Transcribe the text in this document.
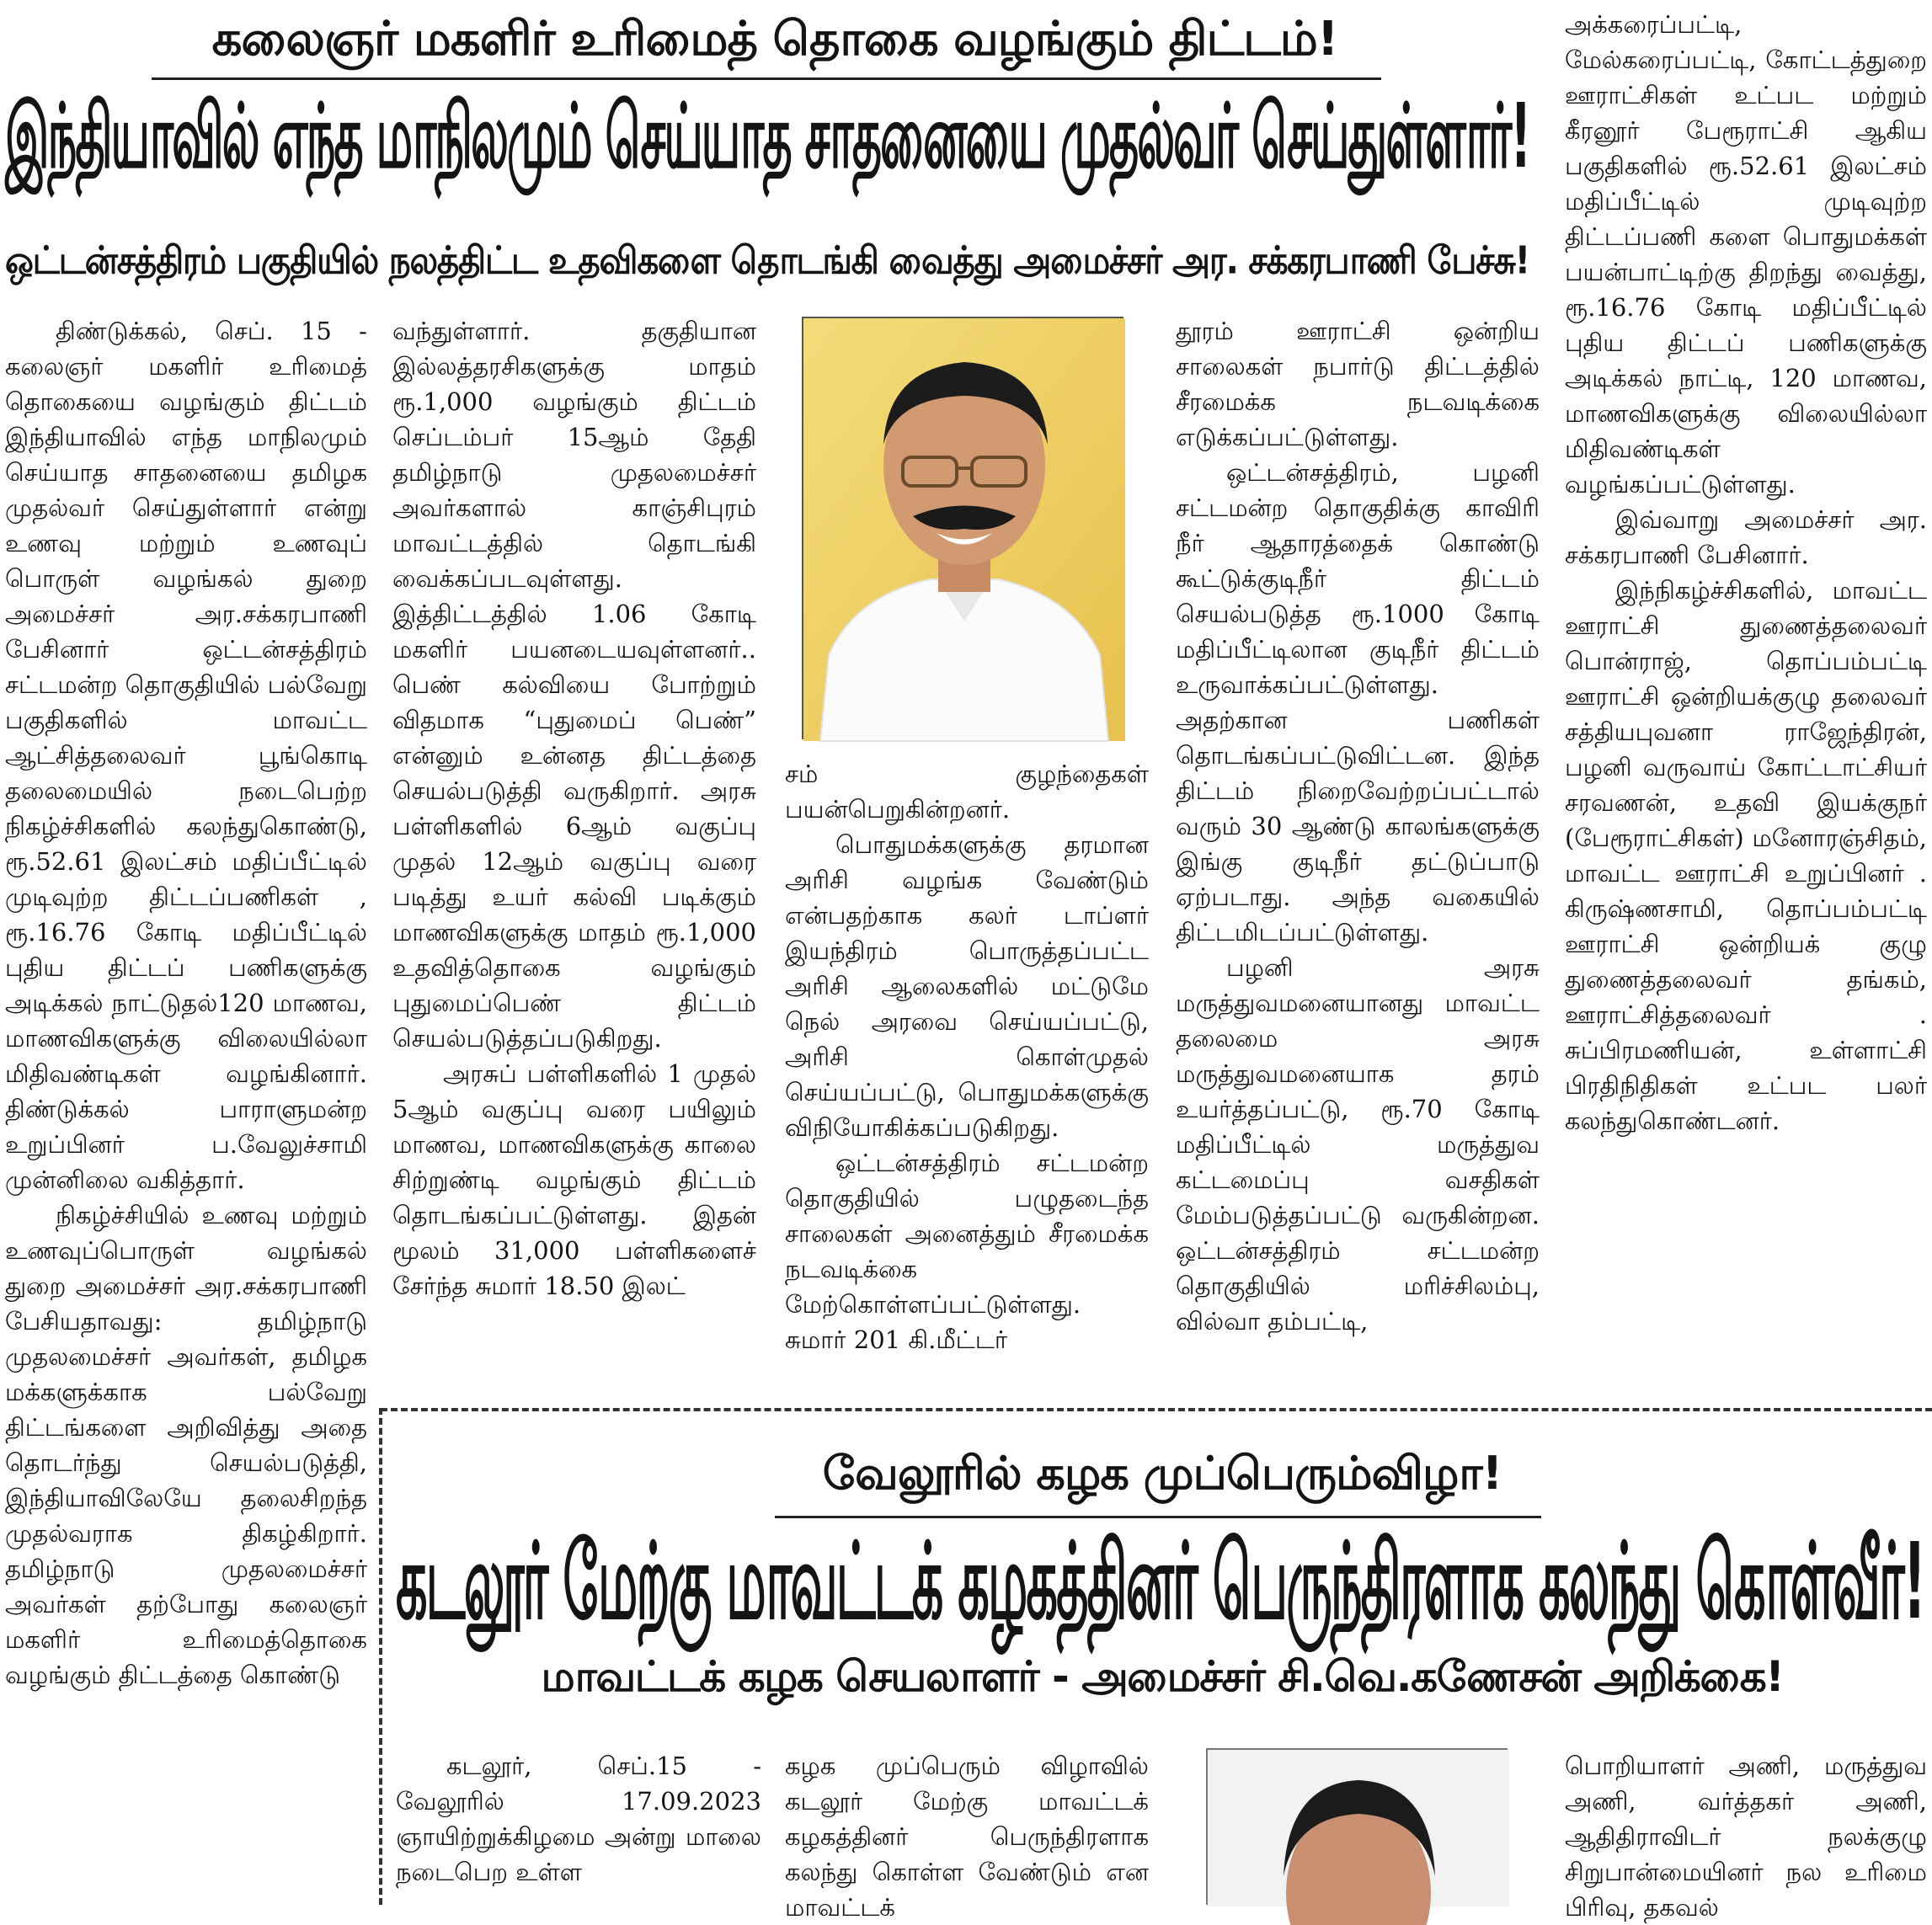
கலைஞர் மகளிர் உரிமைத் தொகை வழங்கும் திட்டம்!
இந்தியாவில் எந்த மாநிலமும் செய்யாத சாதனையை முதல்வர் செய்துள்ளார்!
ஒட்டன்சத்திரம் பகுதியில் நலத்திட்ட உதவிகளை தொடங்கி வைத்து அமைச்சர் அர. சக்கரபாணி பேச்சு!

திண்டுக்கல், செப். 15 - கலைஞர் மகளிர் உரிமைத் தொகையை வழங்கும் திட்டம் இந்தியாவில் எந்த மாநிலமும் செய்யாத சாதனையை தமிழக முதல்வர் செய்துள்ளார் என்று உணவு மற்றும் உணவுப் பொருள் வழங்கல் துறை அமைச்சர் அர.சக்கரபாணி பேசினார் ஒட்டன்சத்திரம் சட்டமன்ற தொகுதியில் பல்வேறு பகுதிகளில் மாவட்ட ஆட்சித்தலைவர் பூங்கொடி தலைமையில் நடைபெற்ற நிகழ்ச்சிகளில் கலந்துகொண்டு, ரூ.52.61 இலட்சம் மதிப்பீட்டில் முடிவுற்ற திட்டப்பணிகள் , ரூ.16.76 கோடி மதிப்பீட்டில் புதிய திட்டப் பணிகளுக்கு அடிக்கல் நாட்டுதல்120 மாணவ, மாணவிகளுக்கு விலையில்லா மிதிவண்டிகள் வழங்கினார். திண்டுக்கல் பாராளுமன்ற உறுப்பினர் ப.வேலுச்சாமி முன்னிலை வகித்தார்.

நிகழ்ச்சியில் உணவு மற்றும் உணவுப்பொருள் வழங்கல் துறை அமைச்சர் அர.சக்கரபாணி பேசியதாவது: தமிழ்நாடு முதலமைச்சர் அவர்கள், தமிழக மக்களுக்காக பல்வேறு திட்டங்களை அறிவித்து அதை தொடர்ந்து செயல்படுத்தி, இந்தியாவிலேயே தலைசிறந்த முதல்வராக திகழ்கிறார். தமிழ்நாடு முதலமைச்சர் அவர்கள் தற்போது கலைஞர் மகளிர் உரிமைத்தொகை வழங்கும் திட்டத்தை கொண்டு

வந்துள்ளார். தகுதியான இல்லத்தரசிகளுக்கு மாதம் ரூ.1,000 வழங்கும் திட்டம் செப்டம்பர் 15ஆம் தேதி தமிழ்நாடு முதலமைச்சர் அவர்களால் காஞ்சிபுரம் மாவட்டத்தில் தொடங்கி வைக்கப்படவுள்ளது. இத்திட்டத்தில் 1.06 கோடி மகளிர் பயனடையவுள்ளனர்.. பெண் கல்வியை போற்றும் விதமாக “புதுமைப் பெண்” என்னும் உன்னத திட்டத்தை செயல்படுத்தி வருகிறார். அரசு பள்ளிகளில் 6ஆம் வகுப்பு முதல் 12ஆம் வகுப்பு வரை படித்து உயர் கல்வி படிக்கும் மாணவிகளுக்கு மாதம் ரூ.1,000 உதவித்தொகை வழங்கும் புதுமைப்பெண் திட்டம் செயல்படுத்தப்படுகிறது.

அரசுப் பள்ளிகளில் 1 முதல் 5ஆம் வகுப்பு வரை பயிலும் மாணவ, மாணவிகளுக்கு காலை சிற்றுண்டி வழங்கும் திட்டம் தொடங்கப்பட்டுள்ளது. இதன் மூலம் 31,000 பள்ளிகளைச் சேர்ந்த சுமார் 18.50 இலட்

சம் குழந்தைகள் பயன்பெறுகின்றனர்.

பொதுமக்களுக்கு தரமான அரிசி வழங்க வேண்டும் என்பதற்காக கலர் டாப்ளர் இயந்திரம் பொருத்தப்பட்ட அரிசி ஆலைகளில் மட்டுமே நெல் அரவை செய்யப்பட்டு, அரிசி கொள்முதல் செய்யப்பட்டு, பொதுமக்களுக்கு விநியோகிக்கப்படுகிறது.

ஒட்டன்சத்திரம் சட்டமன்ற தொகுதியில் பழுதடைந்த சாலைகள் அனைத்தும் சீரமைக்க நடவடிக்கை மேற்கொள்ளப்பட்டுள்ளது. சுமார் 201 கி.மீட்டர்

தூரம் ஊராட்சி ஒன்றிய சாலைகள் நபார்டு திட்டத்தில் சீரமைக்க நடவடிக்கை எடுக்கப்பட்டுள்ளது.

ஒட்டன்சத்திரம், பழனி சட்டமன்ற தொகுதிக்கு காவிரி நீர் ஆதாரத்தைக் கொண்டு கூட்டுக்குடிநீர் திட்டம் செயல்படுத்த ரூ.1000 கோடி மதிப்பீட்டிலான குடிநீர் திட்டம் உருவாக்கப்பட்டுள்ளது. அதற்கான பணிகள் தொடங்கப்பட்டுவிட்டன. இந்த திட்டம் நிறைவேற்றப்பட்டால் வரும் 30 ஆண்டு காலங்களுக்கு இங்கு குடிநீர் தட்டுப்பாடு ஏற்படாது. அந்த வகையில் திட்டமிடப்பட்டுள்ளது.

பழனி அரசு மருத்துவமனையானது மாவட்ட தலைமை அரசு மருத்துவமனையாக தரம் உயர்த்தப்பட்டு, ரூ.70 கோடி மதிப்பீட்டில் மருத்துவ கட்டமைப்பு வசதிகள் மேம்படுத்தப்பட்டு வருகின்றன. ஒட்டன்சத்திரம் சட்டமன்ற தொகுதியில் மரிச்சிலம்பு, வில்வா தம்பட்டி,

அக்கரைப்பட்டி, மேல்கரைப்பட்டி, கோட்டத்துறை ஊராட்சிகள் உட்பட மற்றும் கீரனூர் பேரூராட்சி ஆகிய பகுதிகளில் ரூ.52.61 இலட்சம் மதிப்பீட்டில் முடிவுற்ற திட்டப்பணி களை பொதுமக்கள் பயன்பாட்டிற்கு திறந்து வைத்து, ரூ.16.76 கோடி மதிப்பீட்டில் புதிய திட்டப் பணிகளுக்கு அடிக்கல் நாட்டி, 120 மாணவ, மாணவிகளுக்கு விலையில்லா மிதிவண்டிகள் வழங்கப்பட்டுள்ளது.

இவ்வாறு அமைச்சர் அர. சக்கரபாணி பேசினார்.

இந்நிகழ்ச்சிகளில், மாவட்ட ஊராட்சி துணைத்தலைவர் பொன்ராஜ், தொப்பம்பட்டி ஊராட்சி ஒன்றியக்குழு தலைவர் சத்தியபுவனா ராஜேந்திரன், பழனி வருவாய் கோட்டாட்சியர் சரவணன், உதவி இயக்குநர் (பேரூராட்சிகள்) மனோரஞ்சிதம், மாவட்ட ஊராட்சி உறுப்பினர் . கிருஷ்ணசாமி, தொப்பம்பட்டி ஊராட்சி ஒன்றியக் குழு துணைத்தலைவர் தங்கம், ஊராட்சித்தலைவர் . சுப்பிரமணியன், உள்ளாட்சி பிரதிநிதிகள் உட்பட பலர் கலந்துகொண்டனர்.

வேலூரில் கழக முப்பெரும்விழா!
கடலூர் மேற்கு மாவட்டக் கழகத்தினர் பெருந்திரளாக கலந்து கொள்வீர்!
மாவட்டக் கழக செயலாளர் - அமைச்சர் சி.வெ.கணேசன் அறிக்கை!

கடலூர், செப்.15 - வேலூரில் 17.09.2023 ஞாயிற்றுக்கிழமை அன்று மாலை நடைபெற உள்ள

கழக முப்பெரும் விழாவில் கடலூர் மேற்கு மாவட்டக் கழகத்தினர் பெருந்திரளாக கலந்து கொள்ள வேண்டும் என மாவட்டக்

பொறியாளர் அணி, மருத்துவ அணி, வர்த்தகர் அணி, ஆதிதிராவிடர் நலக்குழு சிறுபான்மையினர் நல உரிமை பிரிவு, தகவல்
